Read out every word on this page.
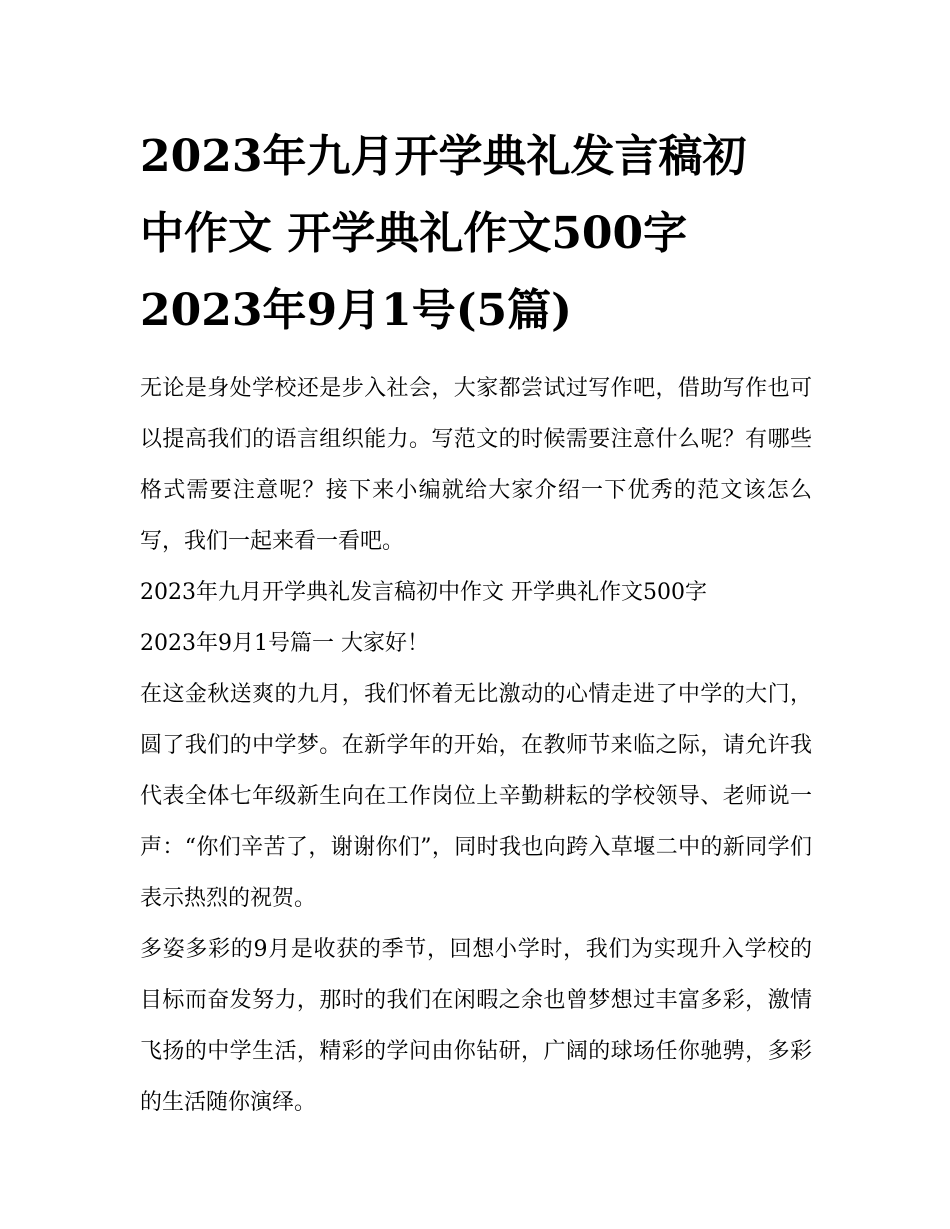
2023年九月开学典礼发言稿初
中作文 开学典礼作文500字
2023年9月1号(5篇)

无论是身处学校还是步入社会，大家都尝试过写作吧，借助写作也可以提高我们的语言组织能力。写范文的时候需要注意什么呢？有哪些格式需要注意呢？接下来小编就给大家介绍一下优秀的范文该怎么写，我们一起来看一看吧。

2023年九月开学典礼发言稿初中作文 开学典礼作文500字

2023年9月1号篇一 大家好！

在这金秋送爽的九月，我们怀着无比激动的心情走进了中学的大门，圆了我们的中学梦。在新学年的开始，在教师节来临之际，请允许我代表全体七年级新生向在工作岗位上辛勤耕耘的学校领导、老师说一声：“你们辛苦了，谢谢你们”，同时我也向跨入草堰二中的新同学们表示热烈的祝贺。

多姿多彩的9月是收获的季节，回想小学时，我们为实现升入学校的目标而奋发努力，那时的我们在闲暇之余也曾梦想过丰富多彩，激情飞扬的中学生活，精彩的学问由你钻研，广阔的球场任你驰骋，多彩的生活随你演绎。
